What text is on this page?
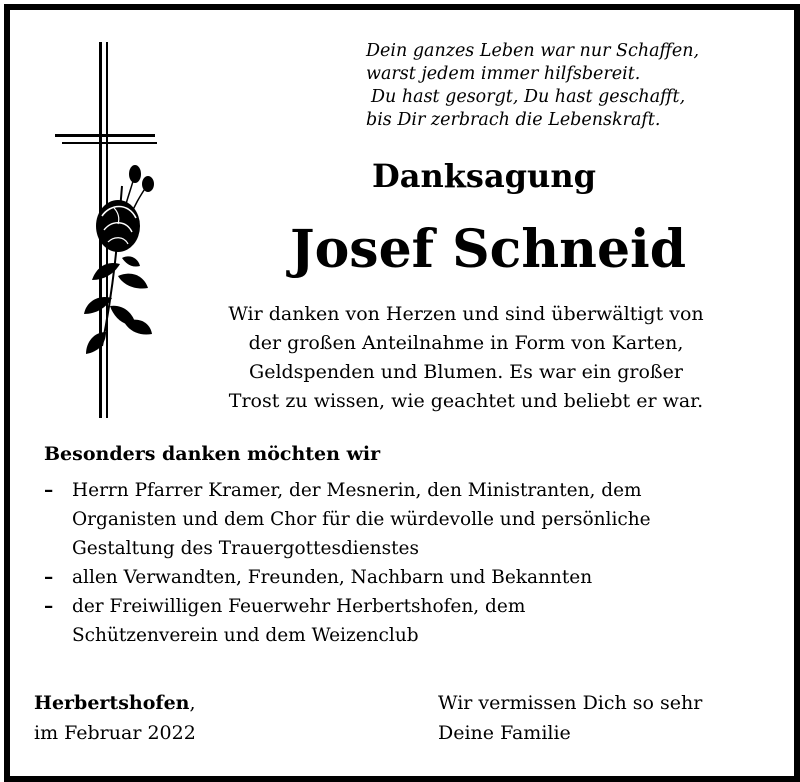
Dein ganzes Leben war nur Schaffen,
warst jedem immer hilfsbereit.
Du hast gesorgt, Du hast geschafft,
bis Dir zerbrach die Lebenskraft.
Danksagung
Josef Schneid
Wir danken von Herzen und sind überwältigt von
der großen Anteilnahme in Form von Karten,
Geldspenden und Blumen. Es war ein großer
Trost zu wissen, wie geachtet und beliebt er war.
Besonders danken möchten wir
– Herrn Pfarrer Kramer, der Mesnerin, den Ministranten, dem
Organisten und dem Chor für die würdevolle und persönliche
Gestaltung des Trauergottesdienstes
– allen Verwandten, Freunden, Nachbarn und Bekannten
– der Freiwilligen Feuerwehr Herbertshofen, dem
Schützenverein und dem Weizenclub
Herbertshofen,
im Februar 2022
Wir vermissen Dich so sehr
Deine Familie
